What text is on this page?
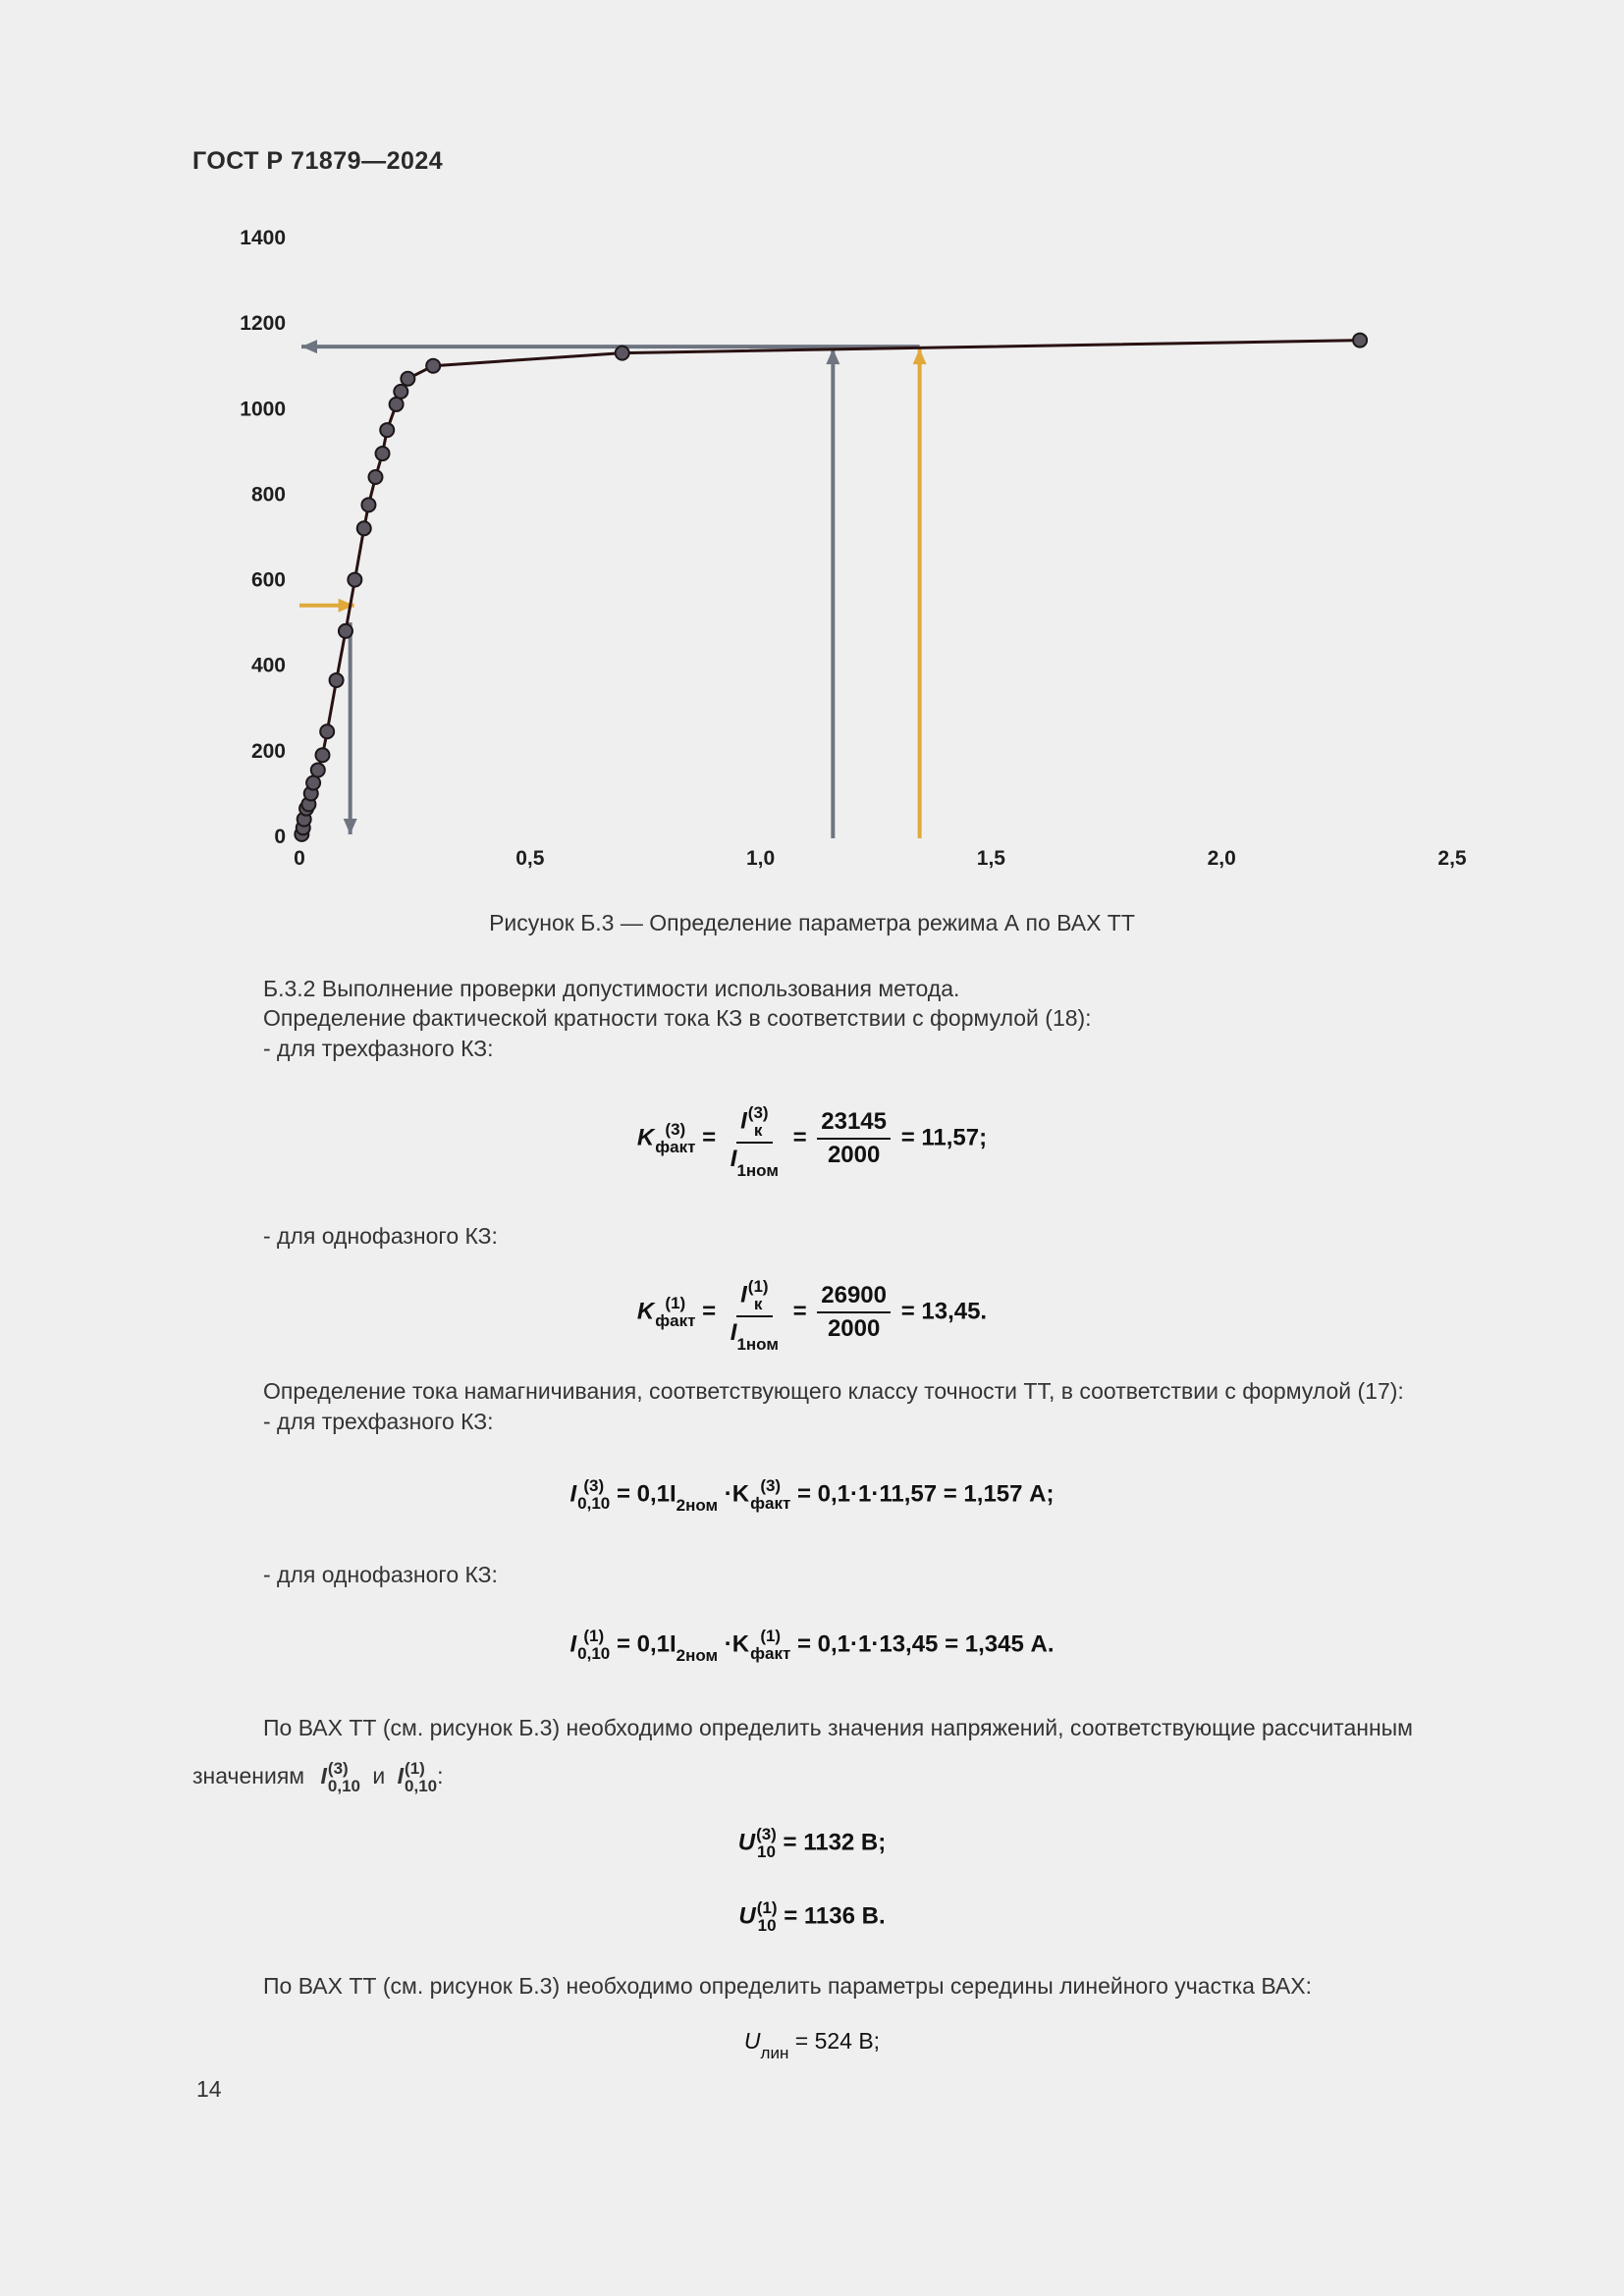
ГОСТ Р 71879—2024
0
200
400
600
800
1000
1200
1400
0	0,5	1,0	1,5	2,0	2,5
Рисунок Б.3 — Определение параметра режима А по ВАХ ТТ
Б.3.2 Выполнение проверки допустимости использования метода.
Определение фактической кратности тока КЗ в соответствии с формулой (18):
- для трехфазного КЗ:
K (3)
факт = I (3)
к
$I_{1ном} = \frac{23145}{2000} = 11,57$;
- для однофазного КЗ:
K (1)
факт = I (1)
к
$I_{1ном} = \frac{26900}{2000} = 13,45$.
Определение тока намагничивания, соответствующего классу точности ТТ, в соответствии с формулой (17):
- для трехфазного КЗ:
I (3)
$0,10 = 0,1I_{2ном} \cdot K$ (3)
факт = 0,1·1·11,57 = 1,157 А;
- для однофазного КЗ:
I (1)
$0,10 = 0,1I_{2ном} \cdot K$ (1)
факт = 0,1·1·13,45 = 1,345 А.
По ВАХ ТТ (см. рисунок Б.3) необходимо определить значения напряжений, соответствующие рассчитанным
значениям I (3)
0,10 и I (1)
0,10 :
U (3)
10 = 1132 В;
U (1)
10 = 1136 В.
По ВАХ ТТ (см. рисунок Б.3) необходимо определить параметры середины линейного участка ВАХ:
$U_{лин} = 524$ В;
14
